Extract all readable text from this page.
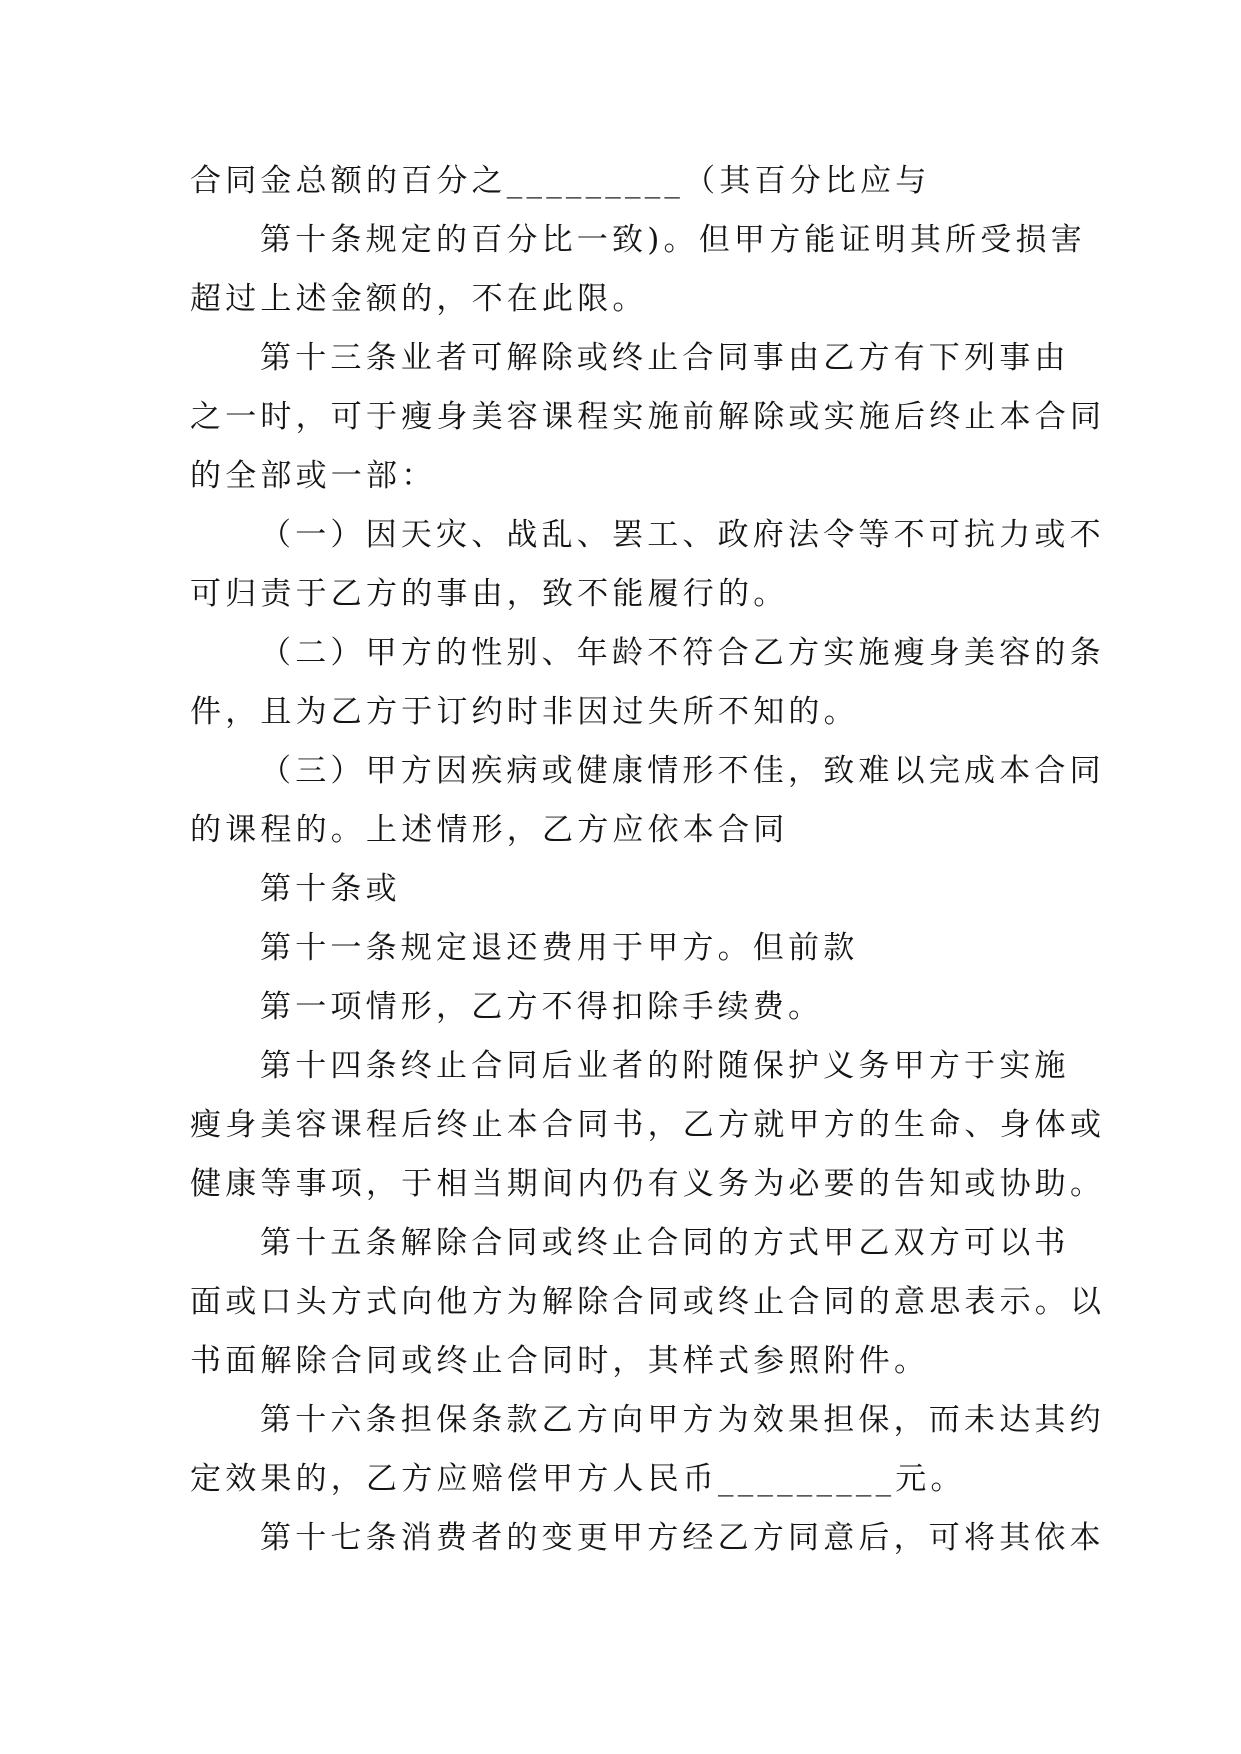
合同金总额的百分之_________（其百分比应与

第十条规定的百分比一致)。但甲方能证明其所受损害

超过上述金额的，不在此限。

第十三条业者可解除或终止合同事由乙方有下列事由

之一时，可于瘦身美容课程实施前解除或实施后终止本合同

的全部或一部：

（一）因天灾、战乱、罢工、政府法令等不可抗力或不

可归责于乙方的事由，致不能履行的。

（二）甲方的性别、年龄不符合乙方实施瘦身美容的条

件，且为乙方于订约时非因过失所不知的。

（三）甲方因疾病或健康情形不佳，致难以完成本合同

的课程的。上述情形，乙方应依本合同

第十条或

第十一条规定退还费用于甲方。但前款

第一项情形，乙方不得扣除手续费。

第十四条终止合同后业者的附随保护义务甲方于实施

瘦身美容课程后终止本合同书，乙方就甲方的生命、身体或

健康等事项，于相当期间内仍有义务为必要的告知或协助。

第十五条解除合同或终止合同的方式甲乙双方可以书

面或口头方式向他方为解除合同或终止合同的意思表示。以

书面解除合同或终止合同时，其样式参照附件。

第十六条担保条款乙方向甲方为效果担保，而未达其约

定效果的，乙方应赔偿甲方人民币_________元。

第十七条消费者的变更甲方经乙方同意后，可将其依本
